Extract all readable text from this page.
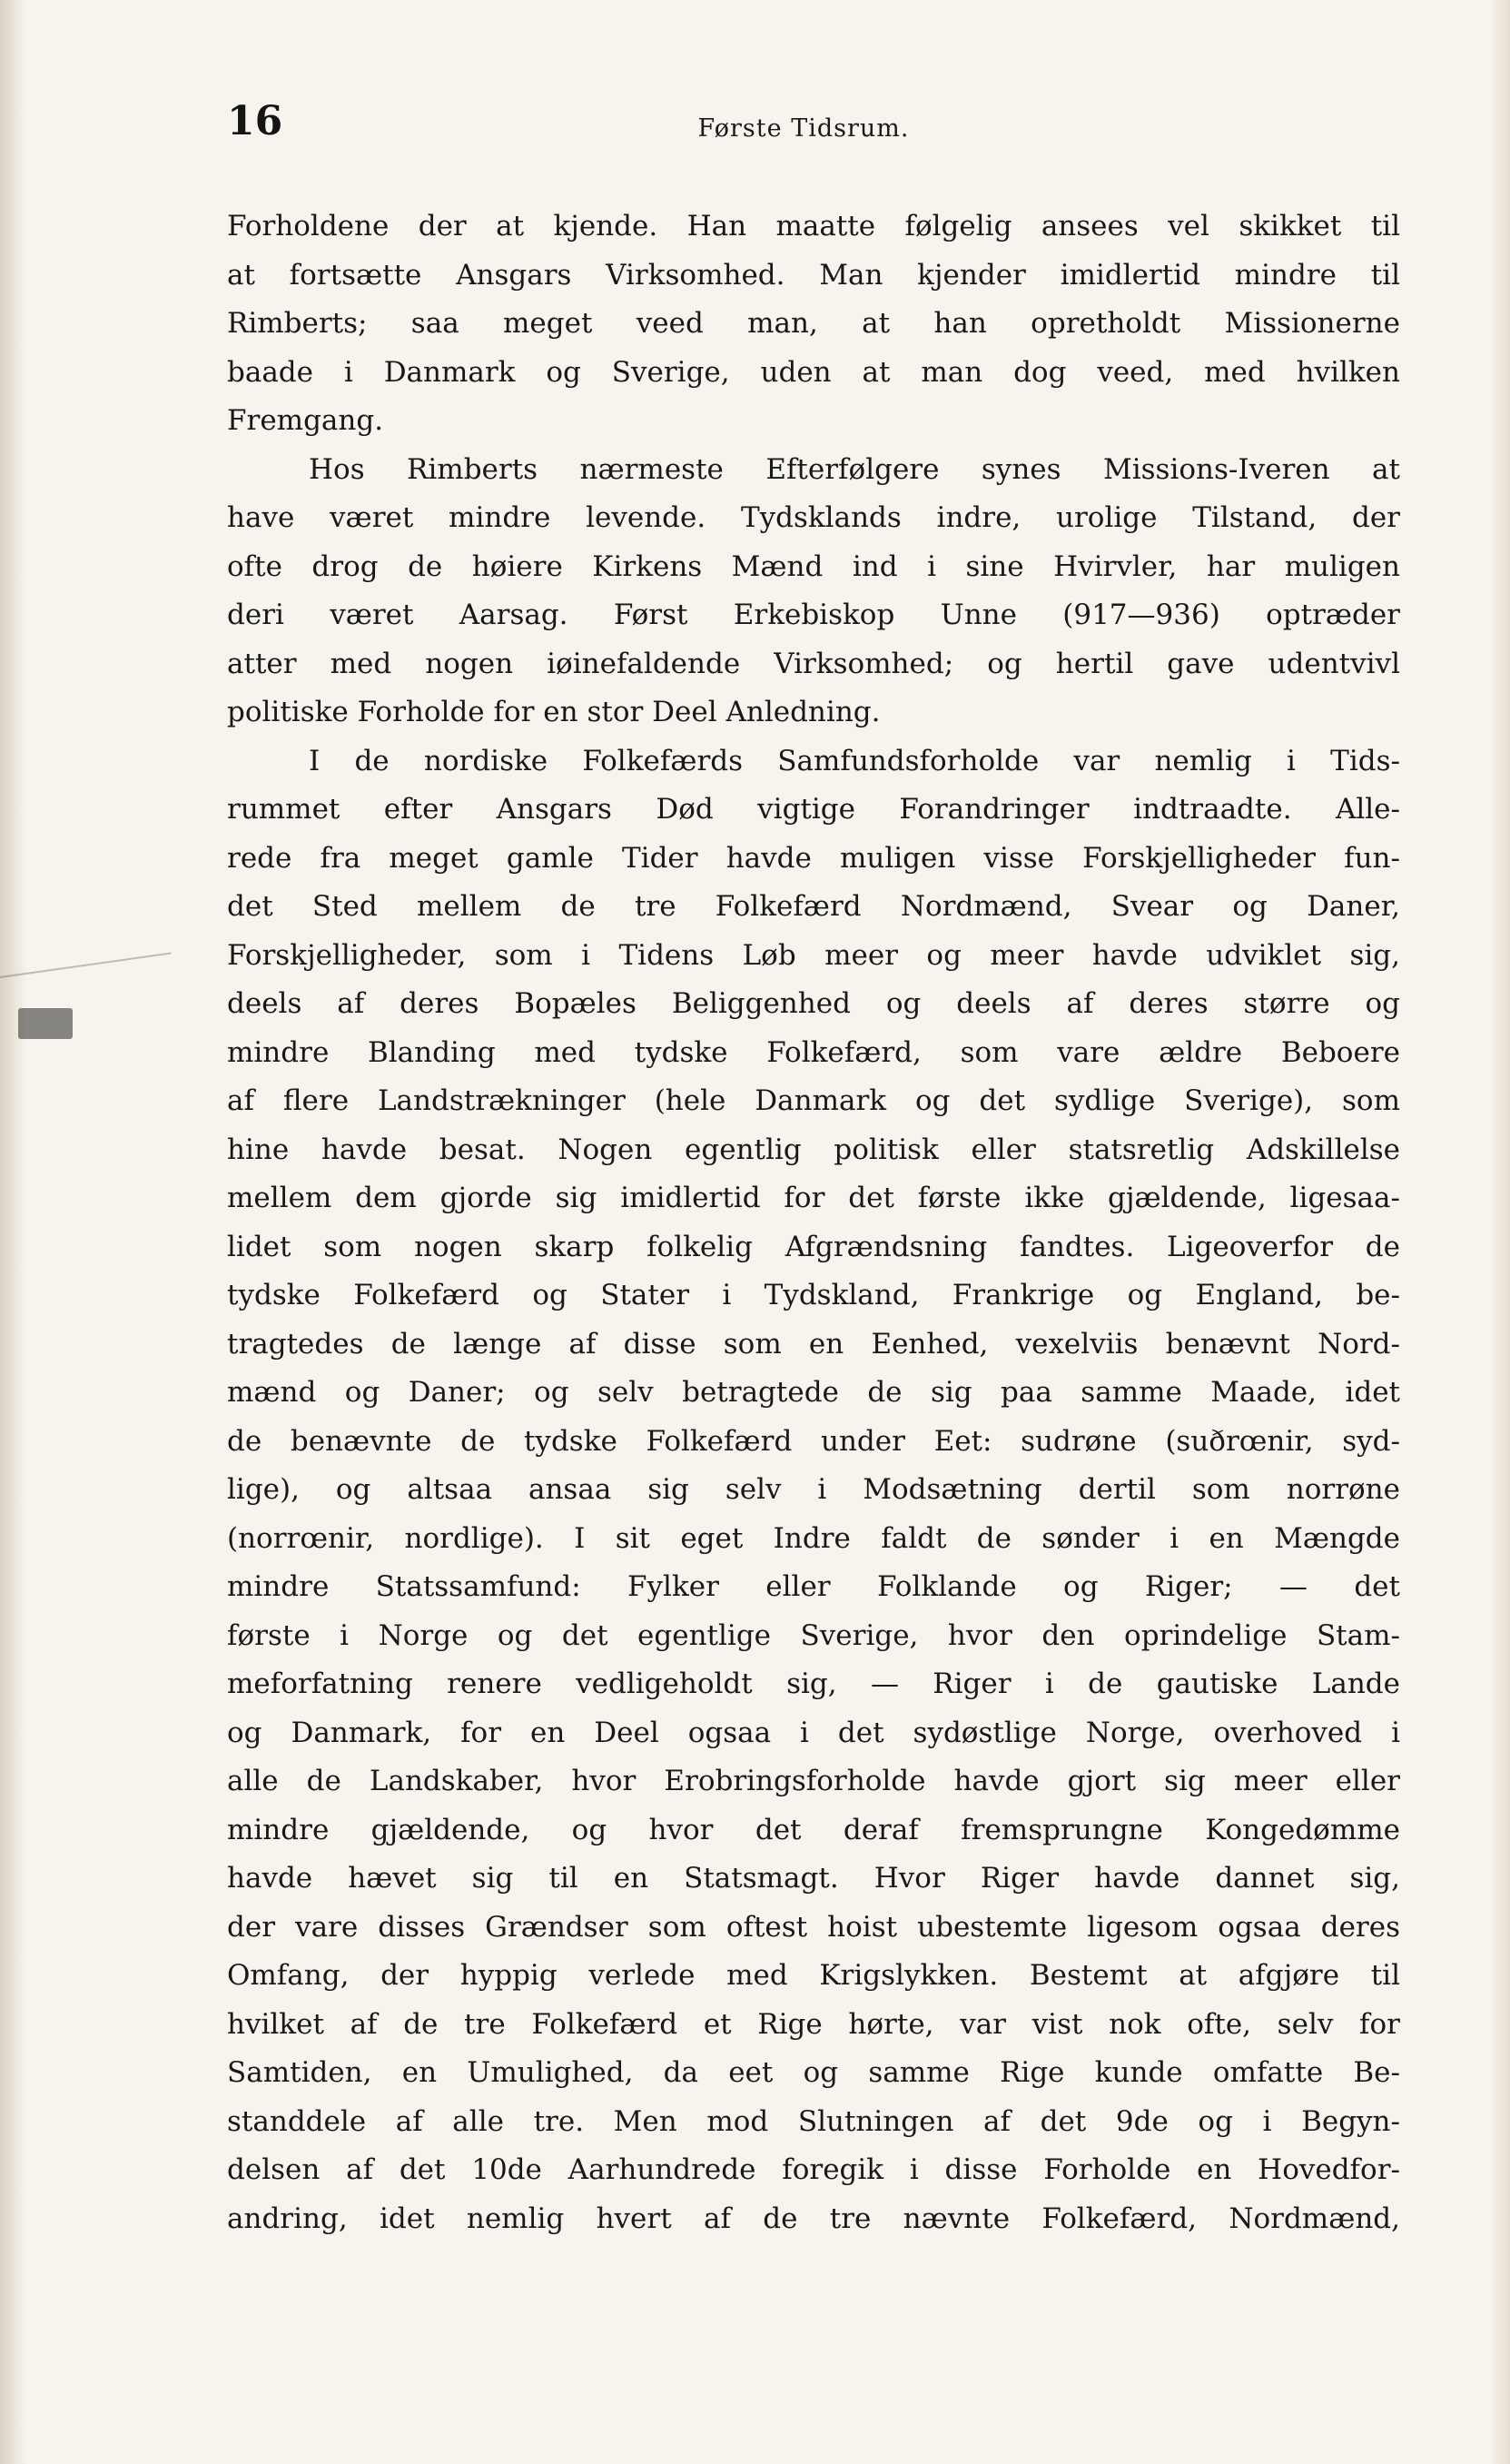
16	Første Tidsrum.
Forholdene der at kjende. Han maatte følgelig ansees vel skikket til
at fortsætte Ansgars Virksomhed. Man kjender imidlertid mindre til
Rimberts; saa meget veed man, at han opretholdt Missionerne
baade i Danmark og Sverige, uden at man dog veed, med hvilken
Fremgang.
Hos Rimberts nærmeste Efterfølgere synes Missions-Iveren at
have været mindre levende. Tydsklands indre, urolige Tilstand, der
ofte drog de høiere Kirkens Mænd ind i sine Hvirvler, har muligen
deri været Aarsag. Først Erkebiskop Unne (917—936) optræder
atter med nogen iøinefaldende Virksomhed; og hertil gave udentvivl
politiske Forholde for en stor Deel Anledning.
I de nordiske Folkefærds Samfundsforholde var nemlig i Tids-
rummet efter Ansgars Død vigtige Forandringer indtraadte. Alle-
rede fra meget gamle Tider havde muligen visse Forskjelligheder fun-
det Sted mellem de tre Folkefærd Nordmænd, Svear og Daner,
Forskjelligheder, som i Tidens Løb meer og meer havde udviklet sig,
deels af deres Bopæles Beliggenhed og deels af deres større og
mindre Blanding med tydske Folkefærd, som vare ældre Beboere
af flere Landstrækninger (hele Danmark og det sydlige Sverige), som
hine havde besat. Nogen egentlig politisk eller statsretlig Adskillelse
mellem dem gjorde sig imidlertid for det første ikke gjældende, ligesaa-
lidet som nogen skarp folkelig Afgrændsning fandtes. Ligeoverfor de
tydske Folkefærd og Stater i Tydskland, Frankrige og England, be-
tragtedes de længe af disse som en Eenhed, vexelviis benævnt Nord-
mænd og Daner; og selv betragtede de sig paa samme Maade, idet
de benævnte de tydske Folkefærd under Eet: sudrøne (suðrœnir, syd-
lige), og altsaa ansaa sig selv i Modsætning dertil som norrøne
(norrœnir, nordlige). I sit eget Indre faldt de sønder i en Mængde
mindre Statssamfund: Fylker eller Folklande og Riger; — det
første i Norge og det egentlige Sverige, hvor den oprindelige Stam-
meforfatning renere vedligeholdt sig, — Riger i de gautiske Lande
og Danmark, for en Deel ogsaa i det sydøstlige Norge, overhoved i
alle de Landskaber, hvor Erobringsforholde havde gjort sig meer eller
mindre gjældende, og hvor det deraf fremsprungne Kongedømme
havde hævet sig til en Statsmagt. Hvor Riger havde dannet sig,
der vare disses Grændser som oftest hoist ubestemte ligesom ogsaa deres
Omfang, der hyppig verlede med Krigslykken. Bestemt at afgjøre til
hvilket af de tre Folkefærd et Rige hørte, var vist nok ofte, selv for
Samtiden, en Umulighed, da eet og samme Rige kunde omfatte Be-
standdele af alle tre. Men mod Slutningen af det 9de og i Begyn-
delsen af det 10de Aarhundrede foregik i disse Forholde en Hovedfor-
andring, idet nemlig hvert af de tre nævnte Folkefærd, Nordmænd,
